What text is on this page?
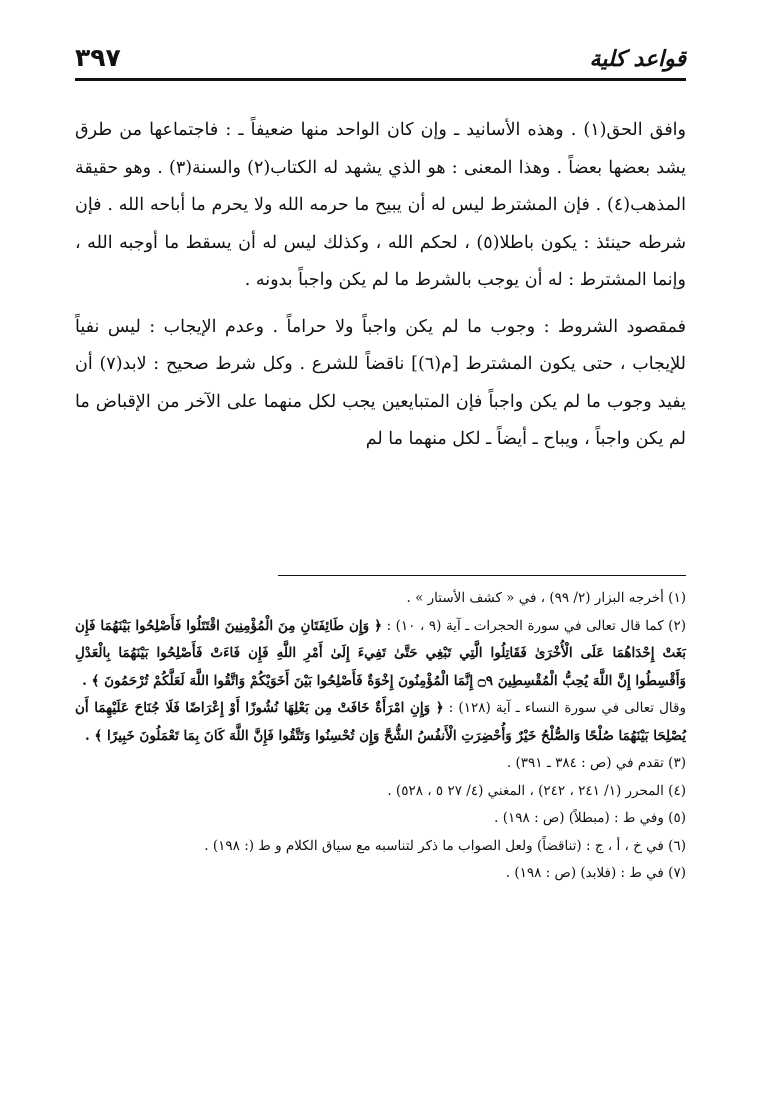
٣٩٧	قواعد كلية

وافق الحق(١) . وهذه الأسانيد ـ وإن كان الواحد منها ضعيفاً ـ : فاجتماعها من طرق يشد بعضها بعضاً . وهذا المعنى : هو الذي يشهد له الكتاب(٢) والسنة(٣) . وهو حقيقة المذهب(٤) . فإن المشترط ليس له أن يبيح ما حرمه الله ولا يحرم ما أباحه الله . فإن شرطه حينئذ : يكون باطلا(٥) ، لحكم الله ، وكذلك ليس له أن يسقط ما أوجبه الله ، وإنما المشترط : له أن يوجب بالشرط ما لم يكن واجباً بدونه .

فمقصود الشروط : وجوب ما لم يكن واجباً ولا حراماً . وعدم الإيجاب : ليس نفياً للإيجاب ، حتى يكون المشترط [م(٦)] ناقضاً للشرع . وكل شرط صحيح : لابد(٧) أن يفيد وجوب ما لم يكن واجباً فإن المتبايعين يجب لكل منهما على الآخر من الإقباض ما لم يكن واجباً ، ويباح ـ أيضاً ـ لكل منهما ما لم

(١) أخرجه البزار (٢/ ٩٩) ، في « كشف الأستار » .

(٢) كما قال تعالى في سورة الحجرات ـ آية (٩ ، ١٠) : ﴿ وَإِن طَائِفَتَانِ مِنَ الْمُؤْمِنِينَ اقْتَتَلُوا فَأَصْلِحُوا بَيْنَهُمَا فَإِن بَغَتْ إِحْدَاهُمَا عَلَى الْأُخْرَىٰ فَقَاتِلُوا الَّتِي تَبْغِي حَتَّىٰ تَفِيءَ إِلَىٰ أَمْرِ اللَّهِ فَإِن فَاءَتْ فَأَصْلِحُوا بَيْنَهُمَا بِالْعَدْلِ وَأَقْسِطُوا إِنَّ اللَّهَ يُحِبُّ الْمُقْسِطِينَ ۝٩ إِنَّمَا الْمُؤْمِنُونَ إِخْوَةٌ فَأَصْلِحُوا بَيْنَ أَخَوَيْكُمْ وَاتَّقُوا اللَّهَ لَعَلَّكُمْ تُرْحَمُونَ ﴾ .

وقال تعالى في سورة النساء ـ آية (١٢٨) : ﴿ وَإِنِ امْرَأَةٌ خَافَتْ مِن بَعْلِهَا نُشُوزًا أَوْ إِعْرَاضًا فَلَا جُنَاحَ عَلَيْهِمَا أَن يُصْلِحَا بَيْنَهُمَا صُلْحًا وَالصُّلْحُ خَيْرٌ وَأُحْضِرَتِ الْأَنفُسُ الشُّحَّ وَإِن تُحْسِنُوا وَتَتَّقُوا فَإِنَّ اللَّهَ كَانَ بِمَا تَعْمَلُونَ خَبِيرًا ﴾ .

(٣) تقدم في (ص : ٣٨٤ ـ ٣٩١) .

(٤) المحرر (١/ ٢٤١ ، ٢٤٢) ، المغني (٤/ ٢٧ ٥ ، ٥٢٨) .

(٥) وفي ط : (مبطلاً) (ص : ١٩٨) .

(٦) في خ ، أ ، ج : (تناقضاً) ولعل الصواب ما ذكر لتناسبه مع سياق الكلام و ط (: ١٩٨) .

(٧) في ط : (فلابد) (ص : ١٩٨) .
